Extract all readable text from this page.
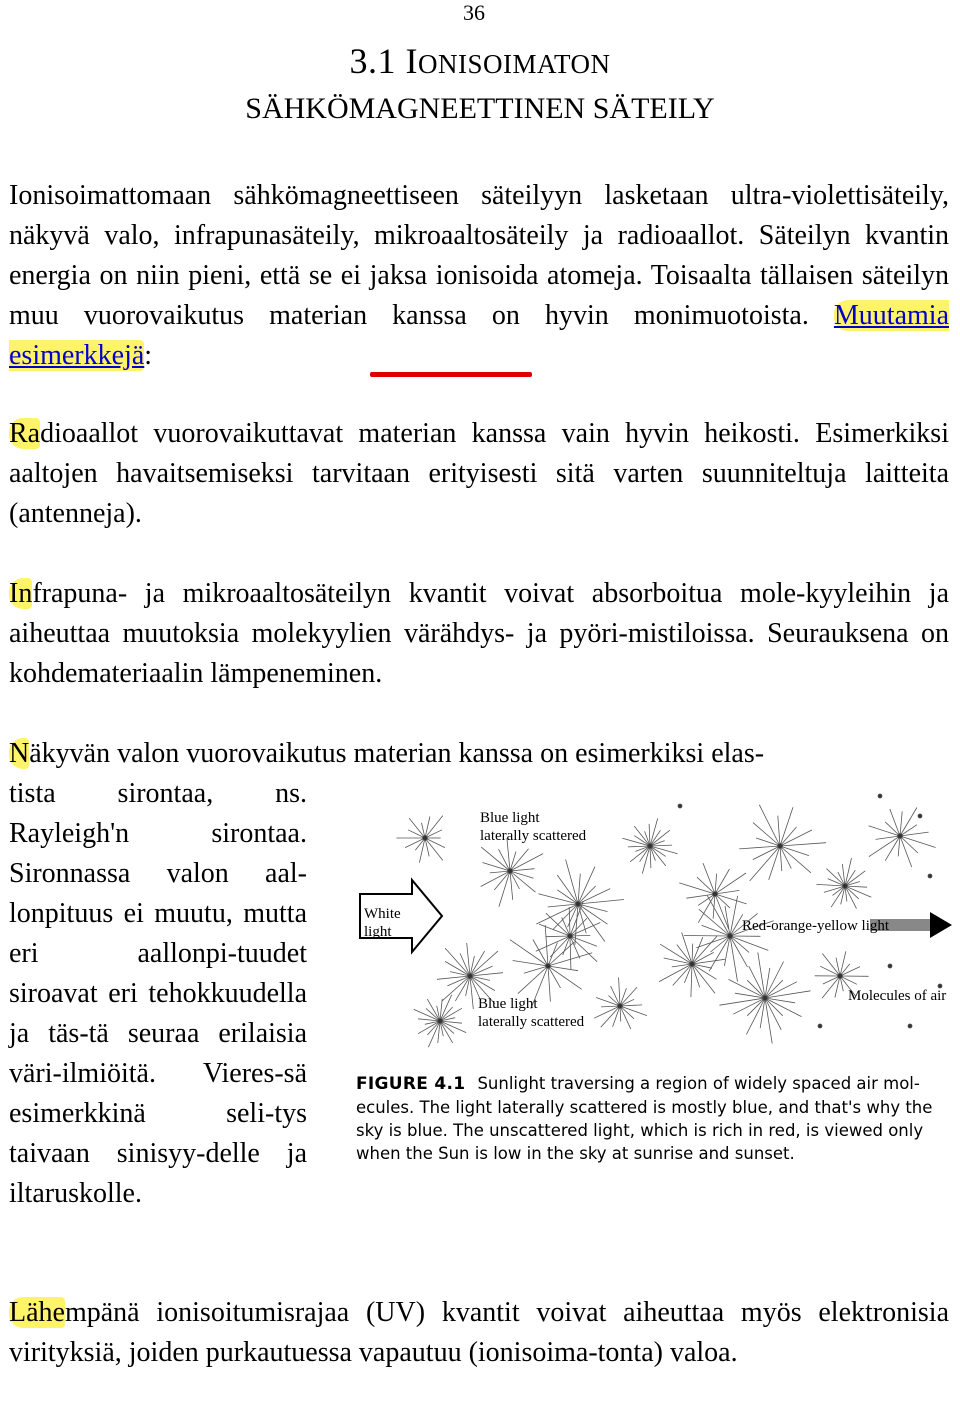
36
3.1 IONISOIMATON
SÄHKÖMAGNEETTINEN SÄTEILY

Ionisoimattomaan sähkömagneettiseen säteilyyn lasketaan ultra-violettisäteily, näkyvä valo, infrapunasäteily, mikroaaltosäteily ja radioaallot. Säteilyn kvantin energia on niin pieni, että se ei jaksa ionisoida atomeja. Toisaalta tällaisen säteilyn muu vuorovaikutus materian kanssa on hyvin monimuotoista. Muutamia esimerkkejä:

Radioaallot vuorovaikuttavat materian kanssa vain hyvin heikosti. Esimerkiksi aaltojen havaitsemiseksi tarvitaan erityisesti sitä varten suunniteltuja laitteita (antenneja).

Infrapuna- ja mikroaaltosäteilyn kvantit voivat absorboitua mole-kyyleihin ja aiheuttaa muutoksia molekyylien värähdys- ja pyöri-mistiloissa. Seurauksena on kohdemateriaalin lämpeneminen.

Näkyvän valon vuorovaikutus materian kanssa on esimerkiksi elas-

tista sirontaa, ns. Rayleigh'n sirontaa. Sironnassa valon aal-lonpituus ei muutu, mutta eri aallonpi-tuudet siroavat eri tehokkuudella ja täs-tä seuraa erilaisia väri-ilmiöitä. Vieres-sä esimerkkinä seli-tys taivaan sinisyy-delle ja iltaruskolle.

Blue light
laterally scattered
White
light	Red-orange-yellow light
Blue light
laterally scattered
Molecules of air
FIGURE 4.1 Sunlight traversing a region of widely spaced air mol-ecules. The light laterally scattered is mostly blue, and that's why the sky is blue. The unscattered light, which is rich in red, is viewed only when the Sun is low in the sky at sunrise and sunset.

Lähempänä ionisoitumisrajaa (UV) kvantit voivat aiheuttaa myös elektronisia virityksiä, joiden purkautuessa vapautuu (ionisoima-tonta) valoa.
